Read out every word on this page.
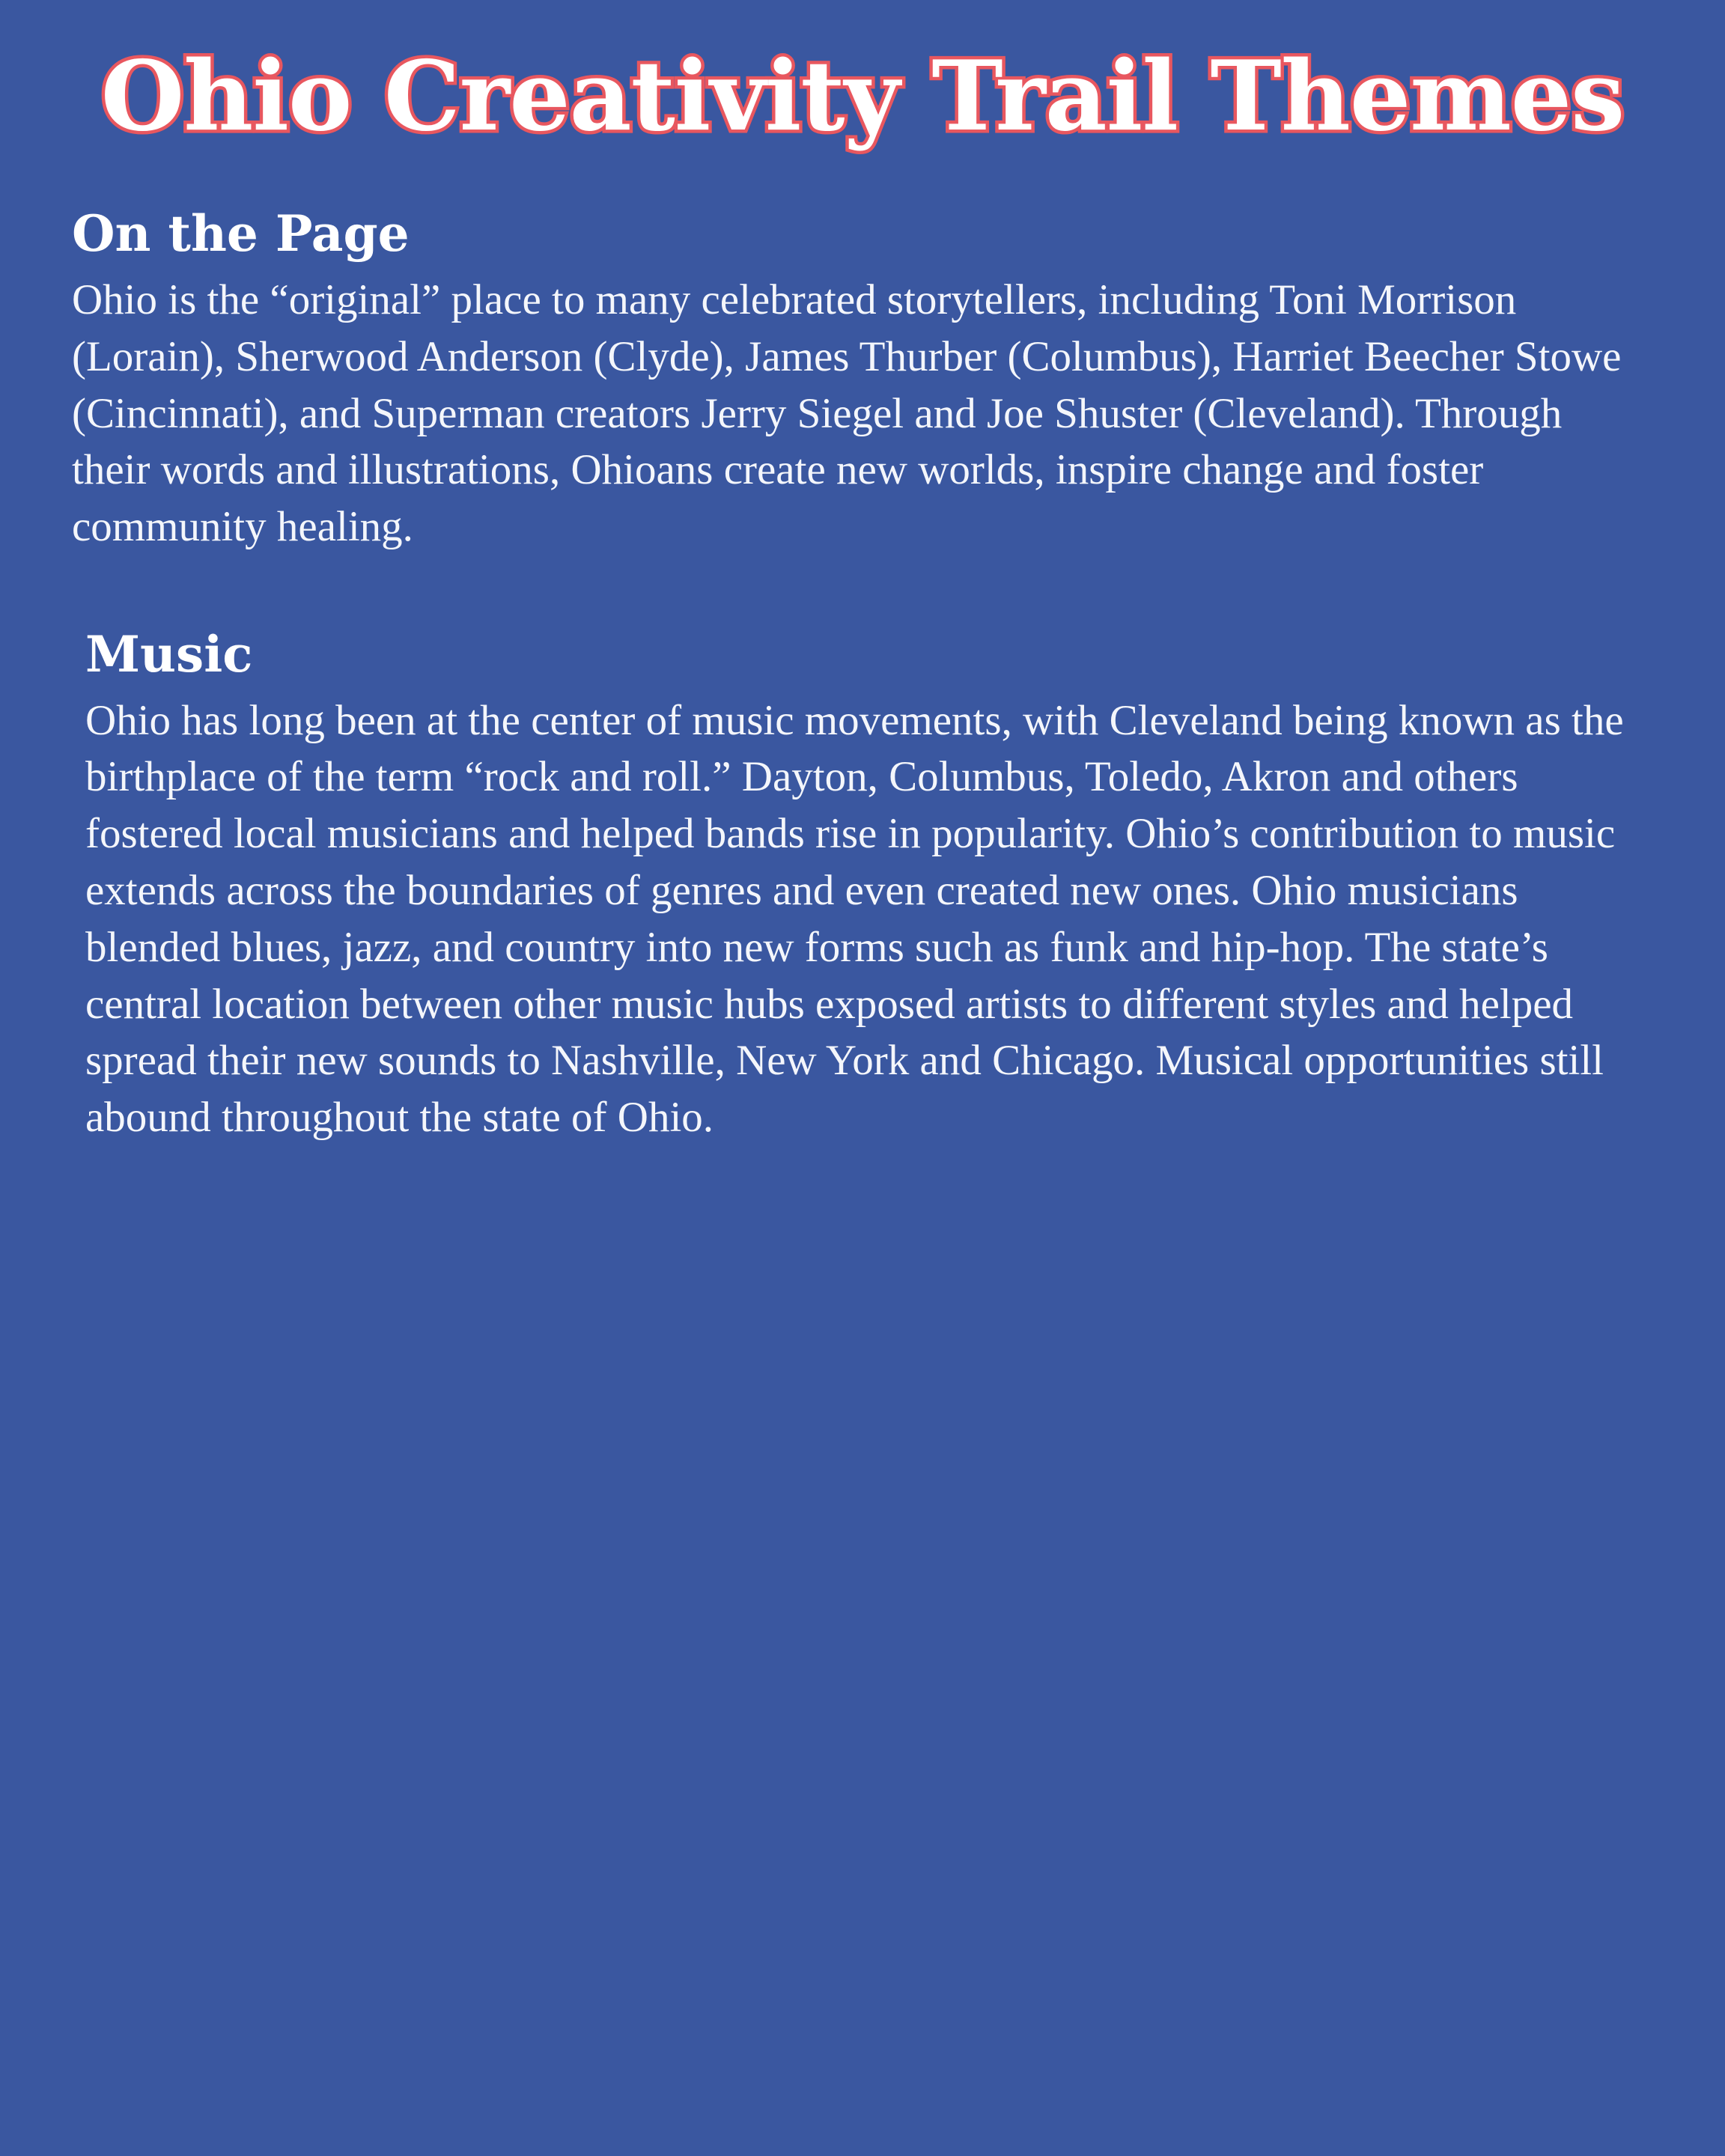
Ohio Creativity Trail Themes
On the Page

Ohio is the “original” place to many celebrated storytellers, including Toni Morrison (Lorain), Sherwood Anderson (Clyde), James Thurber (Columbus), Harriet Beecher Stowe (Cincinnati), and Superman creators Jerry Siegel and Joe Shuster (Cleveland). Through their words and illustrations, Ohioans create new worlds, inspire change and foster community healing.

Music

Ohio has long been at the center of music movements, with Cleveland being known as the birthplace of the term “rock and roll.” Dayton, Columbus, Toledo, Akron and others fostered local musicians and helped bands rise in popularity. Ohio’s contribution to music extends across the boundaries of genres and even created new ones. Ohio musicians blended blues, jazz, and country into new forms such as funk and hip-hop. The state’s central location between other music hubs exposed artists to different styles and helped spread their new sounds to Nashville, New York and Chicago. Musical opportunities still abound throughout the state of Ohio.
